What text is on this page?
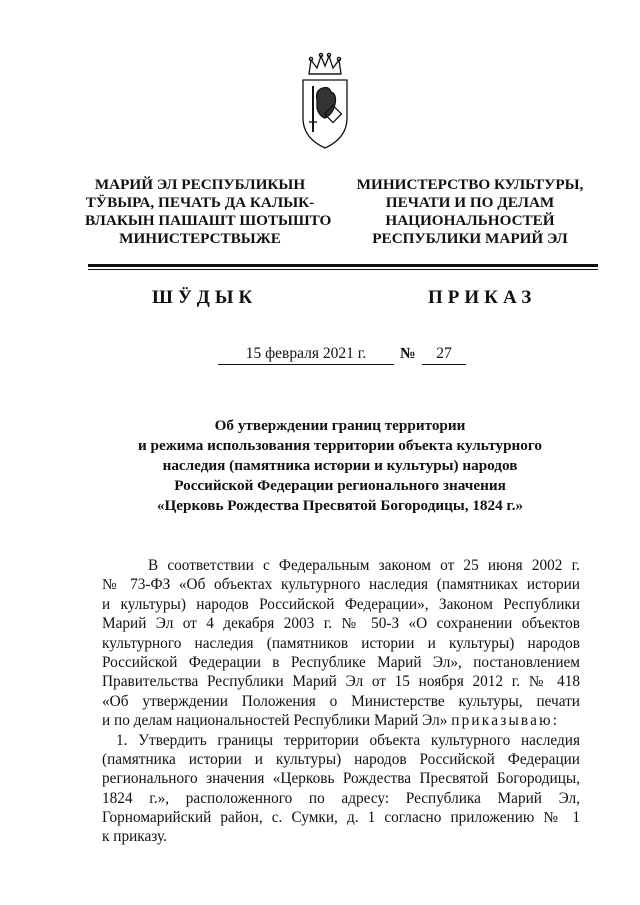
МАРИЙ ЭЛ РЕСПУБЛИКЫН
ТӰВЫРА, ПЕЧАТЬ ДА КАЛЫК-
ВЛАКЫН ПАШАШТ ШОТЫШТО
МИНИСТЕРСТВЫЖЕ
МИНИСТЕРСТВО КУЛЬТУРЫ,
ПЕЧАТИ И ПО ДЕЛАМ
НАЦИОНАЛЬНОСТЕЙ
РЕСПУБЛИКИ МАРИЙ ЭЛ
ШӰДЫК	ПРИКАЗ
15 февраля 2021 г.	№	27
Об утверждении границ территории
и режима использования территории объекта культурного
наследия (памятника истории и культуры) народов
Российской Федерации регионального значения
«Церковь Рождества Пресвятой Богородицы, 1824 г.»
В соответствии с Федеральным законом от 25 июня 2002 г.
№ 73-ФЗ «Об объектах культурного наследия (памятниках истории
и культуры) народов Российской Федерации», Законом Республики
Марий Эл от 4 декабря 2003 г. № 50-З «О сохранении объектов
культурного наследия (памятников истории и культуры) народов
Российской Федерации в Республике Марий Эл», постановлением
Правительства Республики Марий Эл от 15 ноября 2012 г. № 418
«Об утверждении Положения о Министерстве культуры, печати
и по делам национальностей Республики Марий Эл» приказываю:
1. Утвердить границы территории объекта культурного наследия
(памятника истории и культуры) народов Российской Федерации
регионального значения «Церковь Рождества Пресвятой Богородицы,
1824 г.», расположенного по адресу: Республика Марий Эл,
Горномарийский район, с. Сумки, д. 1 согласно приложению № 1
к приказу.
